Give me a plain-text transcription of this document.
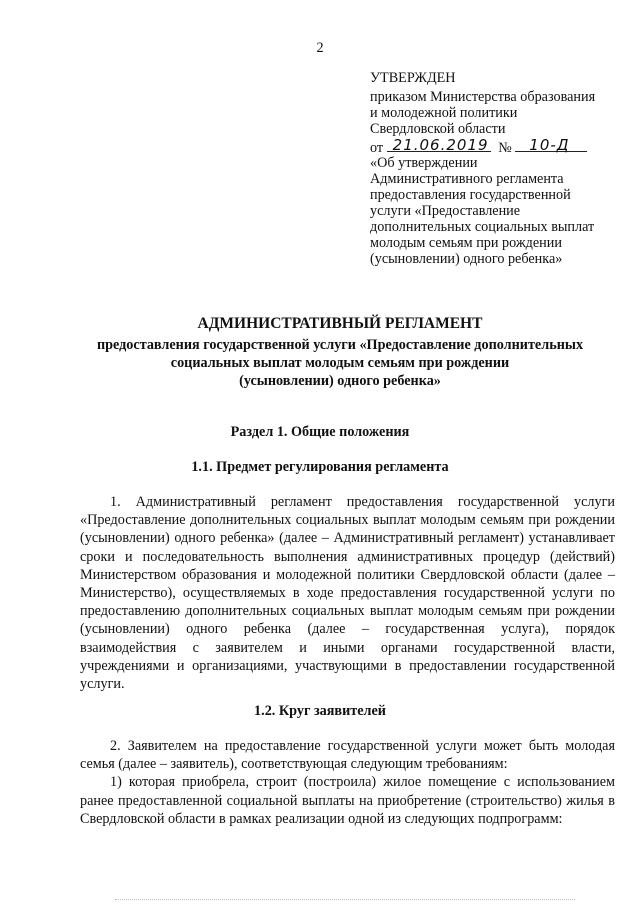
2
УТВЕРЖДЕН
приказом Министерства образования
и молодежной политики
Свердловской области
от 21.06.2019 № 10-Д
«Об утверждении
Административного регламента
предоставления государственной
услуги «Предоставление
дополнительных социальных выплат
молодым семьям при рождении
(усыновлении) одного ребенка»
АДМИНИСТРАТИВНЫЙ РЕГЛАМЕНТ
предоставления государственной услуги «Предоставление дополнительных
социальных выплат молодым семьям при рождении
(усыновлении) одного ребенка»
Раздел 1. Общие положения
1.1. Предмет регулирования регламента

1. Административный регламент предоставления государственной услуги «Предоставление дополнительных социальных выплат молодым семьям при рождении (усыновлении) одного ребенка» (далее – Административный регламент) устанавливает сроки и последовательность выполнения административных процедур (действий) Министерством образования и молодежной политики Свердловской области (далее – Министерство), осуществляемых в ходе предоставления государственной услуги по предоставлению дополнительных социальных выплат молодым семьям при рождении (усыновлении) одного ребенка (далее – государственная услуга), порядок взаимодействия с заявителем и иными органами государственной власти, учреждениями и организациями, участвующими в предоставлении государственной услуги.

1.2. Круг заявителей

2. Заявителем на предоставление государственной услуги может быть молодая семья (далее – заявитель), соответствующая следующим требованиям:

1) которая приобрела, строит (построила) жилое помещение с использованием ранее предоставленной социальной выплаты на приобретение (строительство) жилья в Свердловской области в рамках реализации одной из следующих подпрограмм:
